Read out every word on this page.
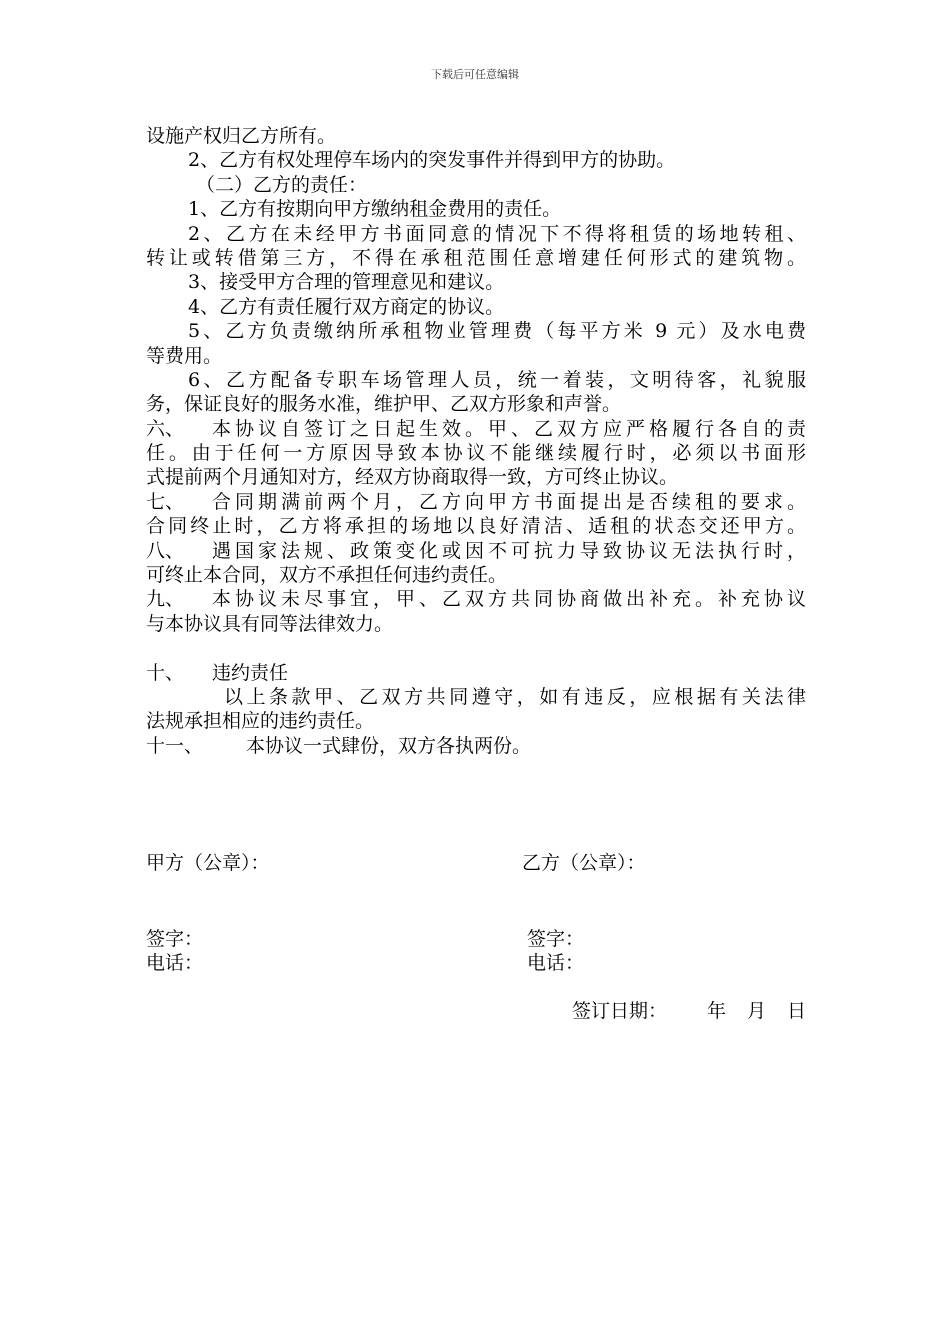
下载后可任意编辑
设施产权归乙方所有。
2、乙方有权处理停车场内的突发事件并得到甲方的协助。
（二）乙方的责任：
1、乙方有按期向甲方缴纳租金费用的责任。
2、乙方在未经甲方书面同意的情况下不得将租赁的场地转租、
转让或转借第三方，不得在承租范围任意增建任何形式的建筑物。
3、接受甲方合理的管理意见和建议。
4、乙方有责任履行双方商定的协议。
5、乙方负责缴纳所承租物业管理费（每平方米 9 元）及水电费
等费用。
6、乙方配备专职车场管理人员，统一着装，文明待客，礼貌服
务，保证良好的服务水准，维护甲、乙双方形象和声誉。
六、	本协议自签订之日起生效。甲、乙双方应严格履行各自的责
任。由于任何一方原因导致本协议不能继续履行时，必须以书面形
式提前两个月通知对方，经双方协商取得一致，方可终止协议。
七、	合同期满前两个月，乙方向甲方书面提出是否续租的要求。
合同终止时，乙方将承担的场地以良好清洁、适租的状态交还甲方。
八、	遇国家法规、政策变化或因不可抗力导致协议无法执行时，
可终止本合同，双方不承担任何违约责任。
九、	本协议未尽事宜，甲、乙双方共同协商做出补充。补充协议
与本协议具有同等法律效力。
十、 违约责任
以上条款甲、乙双方共同遵守，如有违反，应根据有关法律
法规承担相应的违约责任。
十一、 本协议一式肆份，双方各执两份。
甲方（公章）：	乙方（公章）：
签字：	签字：
电话：	电话：
签订日期： 年 月 日
